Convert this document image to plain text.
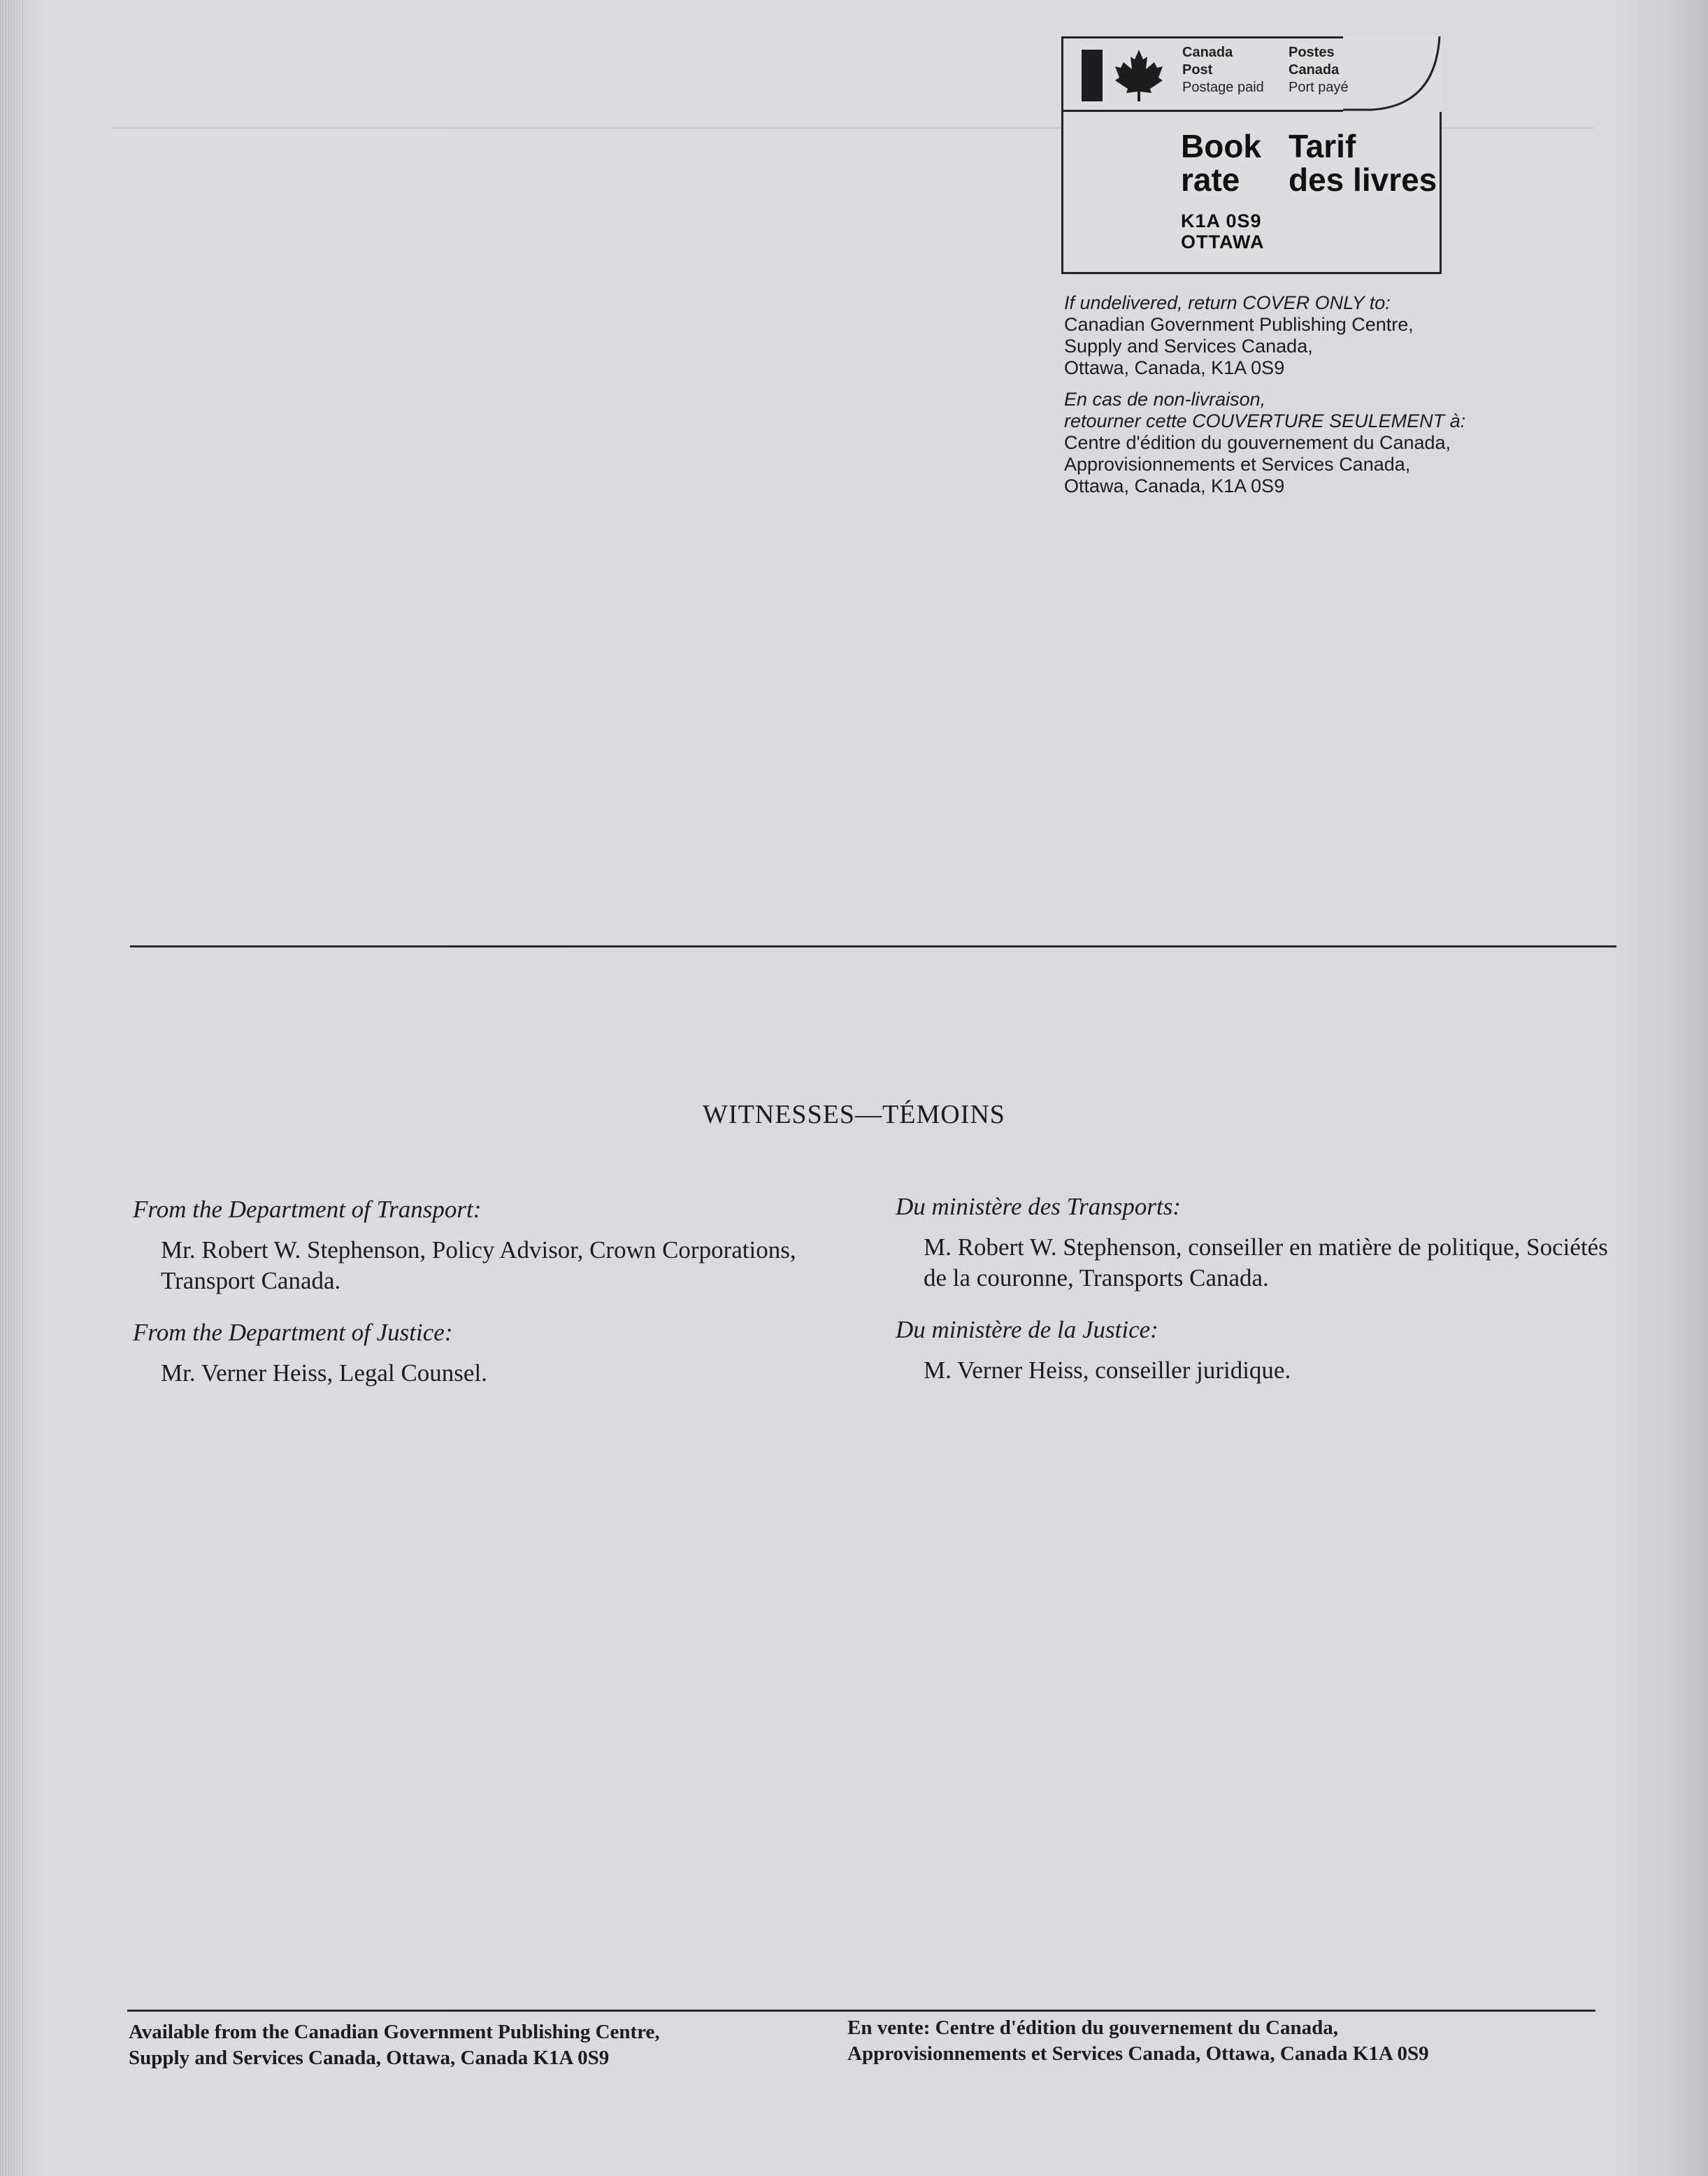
Canada
Post
Postage paid
Postes
Canada
Port payé
Book
rate
Tarif
des livres
K1A 0S9
OTTAWA
If undelivered, return COVER ONLY to:
Canadian Government Publishing Centre,
Supply and Services Canada,
Ottawa, Canada, K1A 0S9
En cas de non-livraison,
retourner cette COUVERTURE SEULEMENT à:
Centre d'édition du gouvernement du Canada,
Approvisionnements et Services Canada,
Ottawa, Canada, K1A 0S9
WITNESSES—TÉMOINS

From the Department of Transport:

Mr. Robert W. Stephenson, Policy Advisor, Crown Corporations, Transport Canada.

From the Department of Justice:

Mr. Verner Heiss, Legal Counsel.

Du ministère des Transports:

M. Robert W. Stephenson, conseiller en matière de politique, Sociétés de la couronne, Transports Canada.

Du ministère de la Justice:

M. Verner Heiss, conseiller juridique.
Available from the Canadian Government Publishing Centre,
Supply and Services Canada, Ottawa, Canada K1A 0S9
En vente: Centre d'édition du gouvernement du Canada,
Approvisionnements et Services Canada, Ottawa, Canada K1A 0S9
